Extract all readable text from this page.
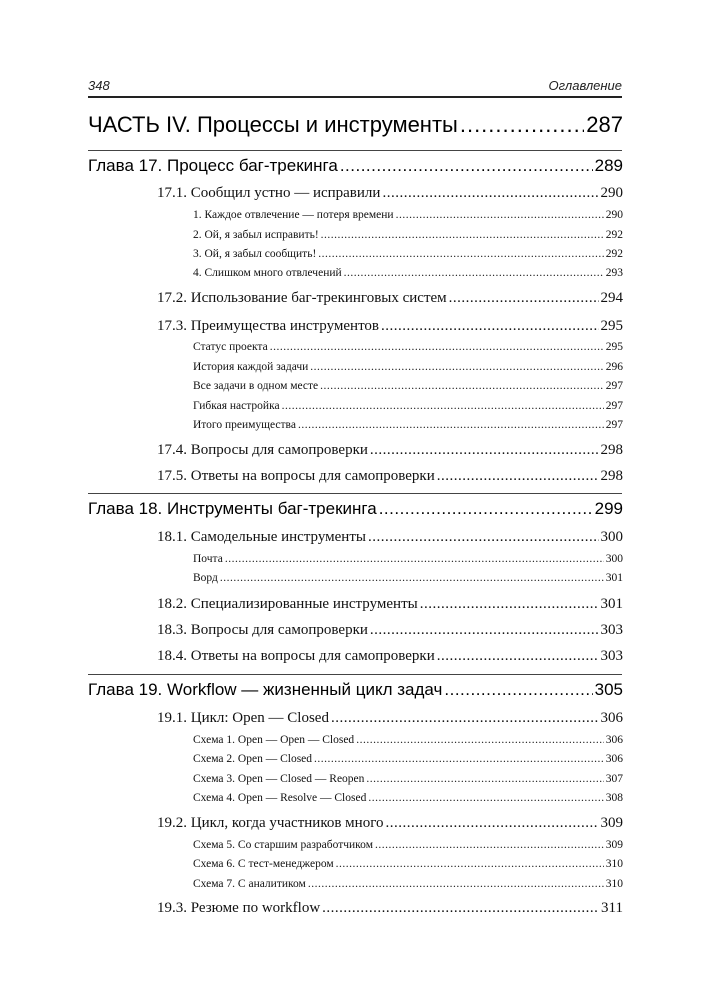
348	Оглавление
ЧАСТЬ IV. Процессы и инструменты .....	287
Глава 17. Процесс баг-трекинга .....	289
17.1. Сообщил устно — исправили .....	290
1. Каждое отвлечение — потеря времени .....	290
2. Ой, я забыл исправить! .....	292
3. Ой, я забыл сообщить! .....	292
4. Слишком много отвлечений .....	293
17.2. Использование баг-трекинговых систем .....	294
17.3. Преимущества инструментов .....	295
Статус проекта .....	295
История каждой задачи .....	296
Все задачи в одном месте .....	297
Гибкая настройка .....	297
Итого преимущества .....	297
17.4. Вопросы для самопроверки .....	298
17.5. Ответы на вопросы для самопроверки .....	298
Глава 18. Инструменты баг-трекинга .....	299
18.1. Самодельные инструменты .....	300
Почта .....	300
Ворд .....	301
18.2. Специализированные инструменты .....	301
18.3. Вопросы для самопроверки .....	303
18.4. Ответы на вопросы для самопроверки .....	303
Глава 19. Workflow — жизненный цикл задач .....	305
19.1. Цикл: Open — Closed .....	306
Схема 1. Open — Open — Closed .....	306
Схема 2. Open — Closed .....	306
Схема 3. Open — Closed — Reopen .....	307
Схема 4. Open — Resolve — Closed .....	308
19.2. Цикл, когда участников много .....	309
Схема 5. Со старшим разработчиком .....	309
Схема 6. С тест-менеджером .....	310
Схема 7. С аналитиком .....	310
19.3. Резюме по workflow .....	311
